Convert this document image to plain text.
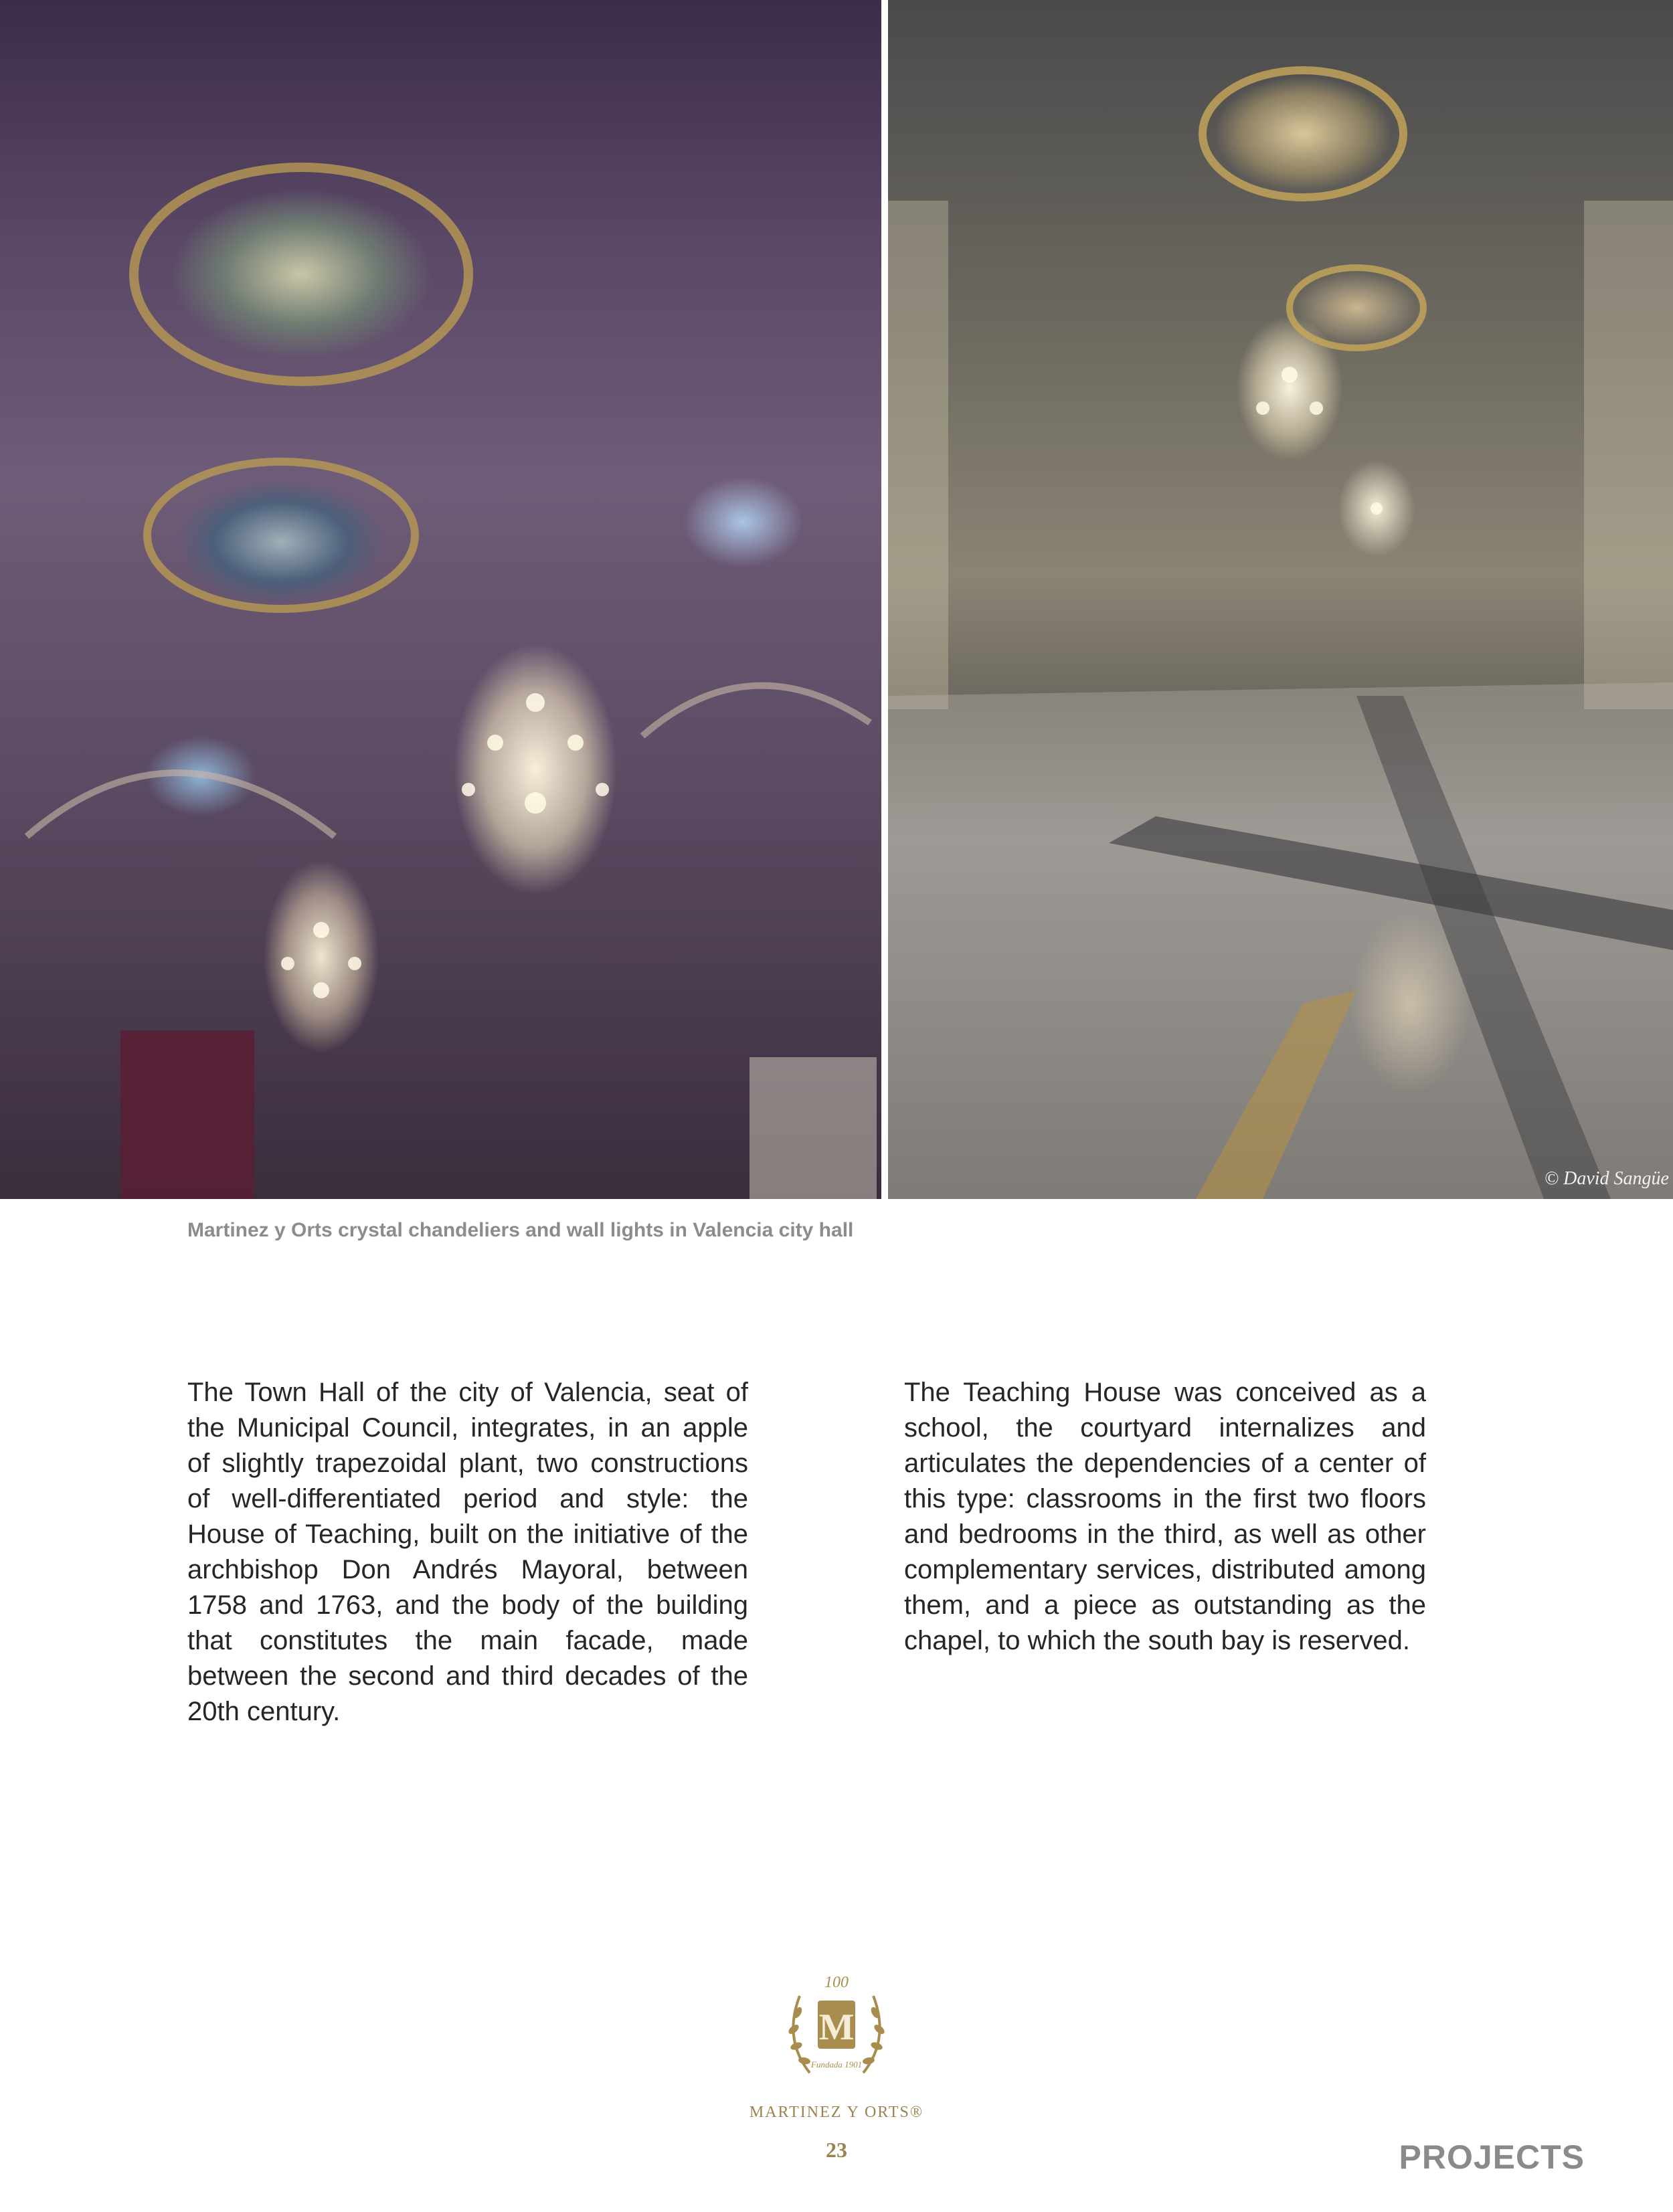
© David Sangüe
Martinez y Orts crystal chandeliers and wall lights in Valencia city hall
The Town Hall of the city of Valencia, seat of the Municipal Council, integrates, in an apple of slightly trapezoidal plant, two constructions of well-differentiated period and style: the House of Teaching, built on the initiative of the archbishop Don Andrés Mayoral, between 1758 and 1763, and the body of the building that constitutes the main facade, made between the second and third decades of the 20th century.
The Teaching House was conceived as a school, the courtyard internalizes and articulates the dependencies of a center of this type: classrooms in the first two floors and bedrooms in the third, as well as other complementary services, distributed among them, and a piece as outstanding as the chapel, to which the south bay is reserved.
M
100
Fundada 1901
MARTINEZ Y ORTS®
23	PROJECTS
